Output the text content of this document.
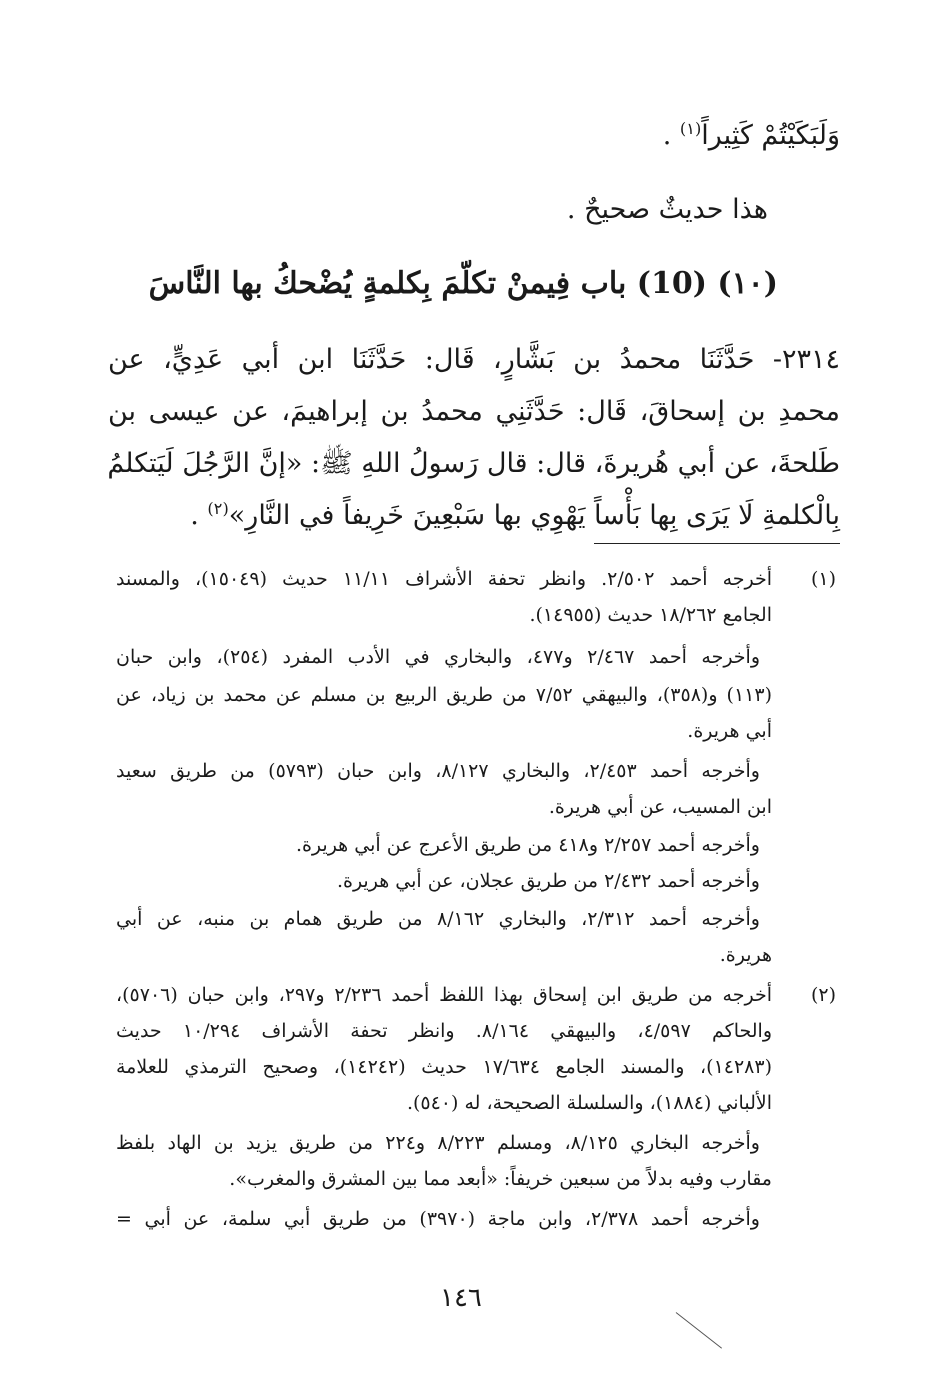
وَلَبَكَيْتُمْ كَثِيراً$^{(١)}$ .
هذا حديثٌ صحيحٌ .
(١٠) (10) باب فِيمنْ تكلّمَ بِكلمةٍ يُضْحكُ بها النَّاسَ
٢٣١٤- حَدَّثَنَا محمدُ بن بَشَّارٍ، قَال: حَدَّثَنَا ابن أبي عَدِيٍّ، عن
محمدِ بن إسحاقَ، قَال: حَدَّثَنِي محمدُ بن إبراهيمَ، عن عيسى بن
طَلحةَ، عن أبي هُريرةَ، قال: قال رَسولُ اللهِ ﷺ: «إنَّ الرَّجُلَ لَيَتكلمُ
بِالْكلمةِ لَا يَرَى بِها بَأْساً يَهْوِي بها سَبْعِينَ خَرِيفاً في النَّارِ»$^{(٢)}$ .
(١)
أخرجه أحمد ٢/٥٠٢. وانظر تحفة الأشراف ١١/١١ حديث (١٥٠٤٩)، والمسند
الجامع ١٨/٢٦٢ حديث (١٤٩٥٥).
وأخرجه أحمد ٢/٤٦٧ و٤٧٧، والبخاري في الأدب المفرد (٢٥٤)، وابن حبان
(١١٣) و(٣٥٨)، والبيهقي ٧/٥٢ من طريق الربيع بن مسلم عن محمد بن زياد، عن
أبي هريرة.
وأخرجه أحمد ٢/٤٥٣، والبخاري ٨/١٢٧، وابن حبان (٥٧٩٣) من طريق سعيد
ابن المسيب، عن أبي هريرة.
وأخرجه أحمد ٢/٢٥٧ و٤١٨ من طريق الأعرج عن أبي هريرة.
وأخرجه أحمد ٢/٤٣٢ من طريق عجلان، عن أبي هريرة.
وأخرجه أحمد ٢/٣١٢، والبخاري ٨/١٦٢ من طريق همام بن منبه، عن أبي
هريرة.
(٢)
أخرجه من طريق ابن إسحاق بهذا اللفظ أحمد ٢/٢٣٦ و٢٩٧، وابن حبان (٥٧٠٦)،
والحاكم ٤/٥٩٧، والبيهقي ٨/١٦٤. وانظر تحفة الأشراف ١٠/٢٩٤ حديث
(١٤٢٨٣)، والمسند الجامع ١٧/٦٣٤ حديث (١٤٢٤٢)، وصحيح الترمذي للعلامة
الألباني (١٨٨٤)، والسلسلة الصحيحة، له (٥٤٠).
وأخرجه البخاري ٨/١٢٥، ومسلم ٨/٢٢٣ و٢٢٤ من طريق يزيد بن الهاد بلفظ
مقارب وفيه بدلاً من سبعين خريفاً: «أبعد مما بين المشرق والمغرب».
وأخرجه أحمد ٢/٣٧٨، وابن ماجة (٣٩٧٠) من طريق أبي سلمة، عن أبي =
١٤٦
